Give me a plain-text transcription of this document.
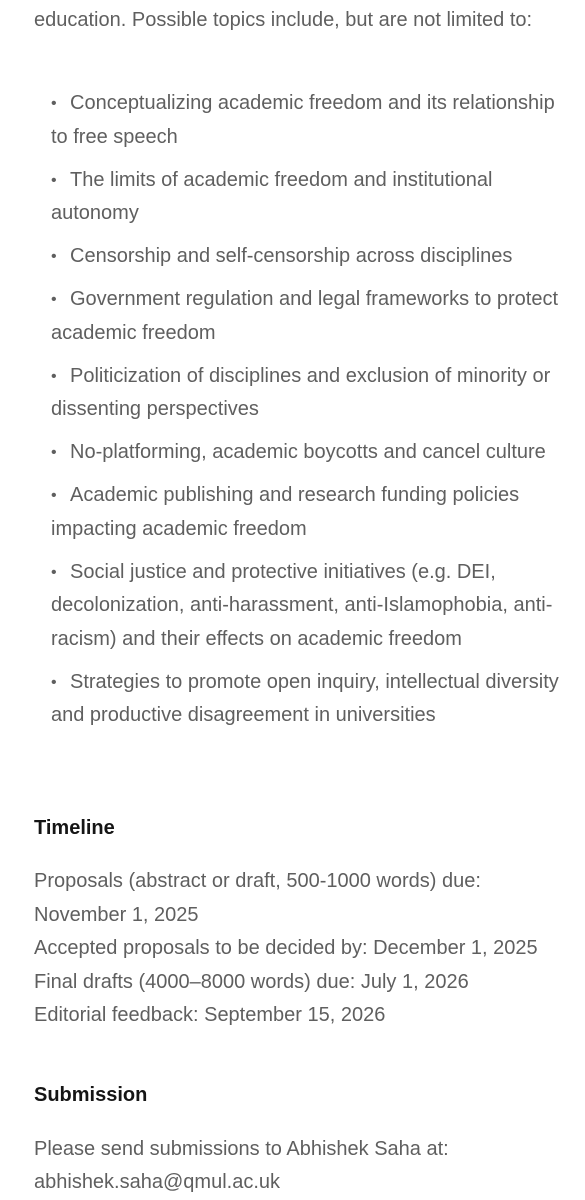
education. Possible topics include, but are not limited to:

• Conceptualizing academic freedom and its relationship to free speech
• The limits of academic freedom and institutional autonomy
• Censorship and self-censorship across disciplines
• Government regulation and legal frameworks to protect academic freedom
• Politicization of disciplines and exclusion of minority or dissenting perspectives
• No-platforming, academic boycotts and cancel culture
• Academic publishing and research funding policies impacting academic freedom
• Social justice and protective initiatives (e.g. DEI, decolonization, anti-harassment, anti-Islamophobia, anti-racism) and their effects on academic freedom
• Strategies to promote open inquiry, intellectual diversity and productive disagreement in universities
Timeline
Proposals (abstract or draft, 500-1000 words) due:
November 1, 2025
Accepted proposals to be decided by: December 1, 2025
Final drafts (4000–8000 words) due: July 1, 2026
Editorial feedback: September 15, 2026
Submission
Please send submissions to Abhishek Saha at:
abhishek.saha@qmul.ac.uk
